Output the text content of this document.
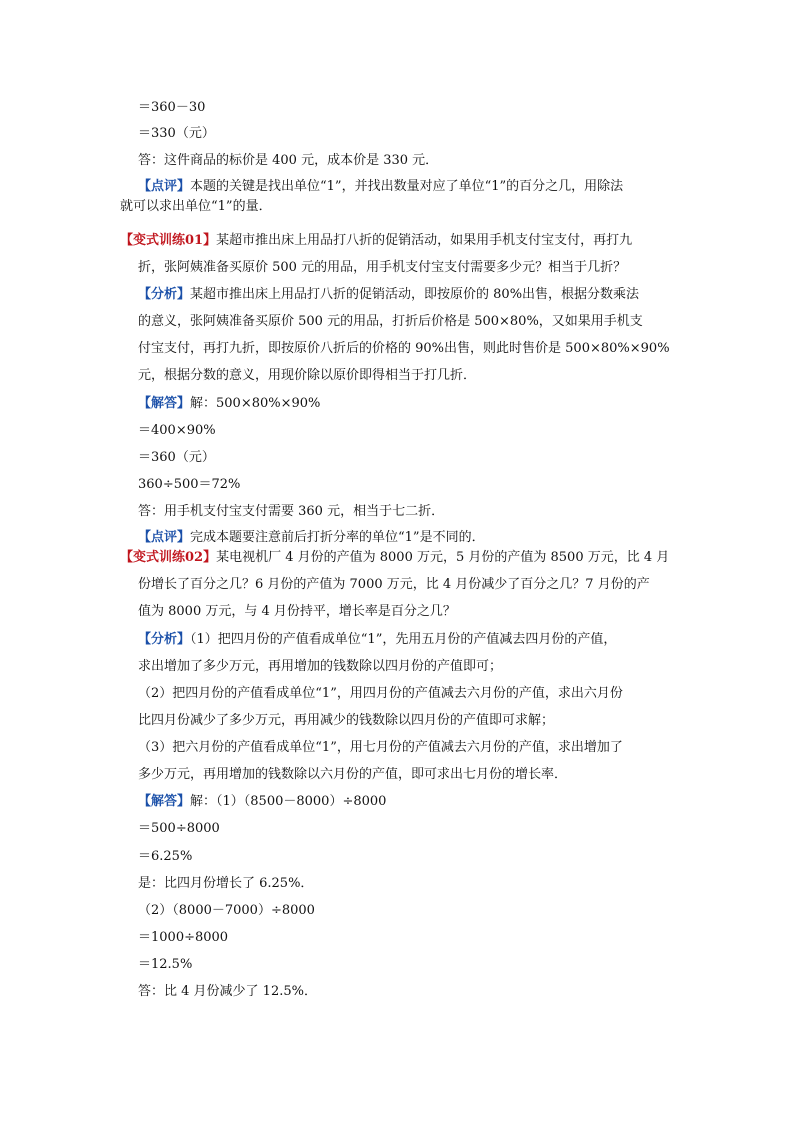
＝360－30
＝330（元）
答：这件商品的标价是 400 元，成本价是 330 元．
【点评】本题的关键是找出单位“1”，并找出数量对应了单位“1”的百分之几，用除法
就可以求出单位“1”的量．
【变式训练01】某超市推出床上用品打八折的促销活动，如果用手机支付宝支付，再打九
折，张阿姨准备买原价 500 元的用品，用手机支付宝支付需要多少元？相当于几折？
【分析】某超市推出床上用品打八折的促销活动，即按原价的 80%出售，根据分数乘法
的意义，张阿姨准备买原价 500 元的用品，打折后价格是 500×80%，又如果用手机支
付宝支付，再打九折，即按原价八折后的价格的 90%出售，则此时售价是 500×80%×90%
元，根据分数的意义，用现价除以原价即得相当于打几折．
【解答】解：500×80%×90%
＝400×90%
＝360（元）
360÷500＝72%
答：用手机支付宝支付需要 360 元，相当于七二折．
【点评】完成本题要注意前后打折分率的单位“1”是不同的．
【变式训练02】某电视机厂 4 月份的产值为 8000 万元，5 月份的产值为 8500 万元，比 4 月
份增长了百分之几？6 月份的产值为 7000 万元，比 4 月份减少了百分之几？7 月份的产
值为 8000 万元，与 4 月份持平，增长率是百分之几？
【分析】（1）把四月份的产值看成单位“1”，先用五月份的产值减去四月份的产值，
求出增加了多少万元，再用增加的钱数除以四月份的产值即可；
（2）把四月份的产值看成单位“1”，用四月份的产值减去六月份的产值，求出六月份
比四月份减少了多少万元，再用减少的钱数除以四月份的产值即可求解；
（3）把六月份的产值看成单位“1”，用七月份的产值减去六月份的产值，求出增加了
多少万元，再用增加的钱数除以六月份的产值，即可求出七月份的增长率．
【解答】解：（1）（8500－8000）÷8000
＝500÷8000
＝6.25%
是：比四月份增长了 6.25%．
（2）（8000－7000）÷8000
＝1000÷8000
＝12.5%
答：比 4 月份减少了 12.5%．
